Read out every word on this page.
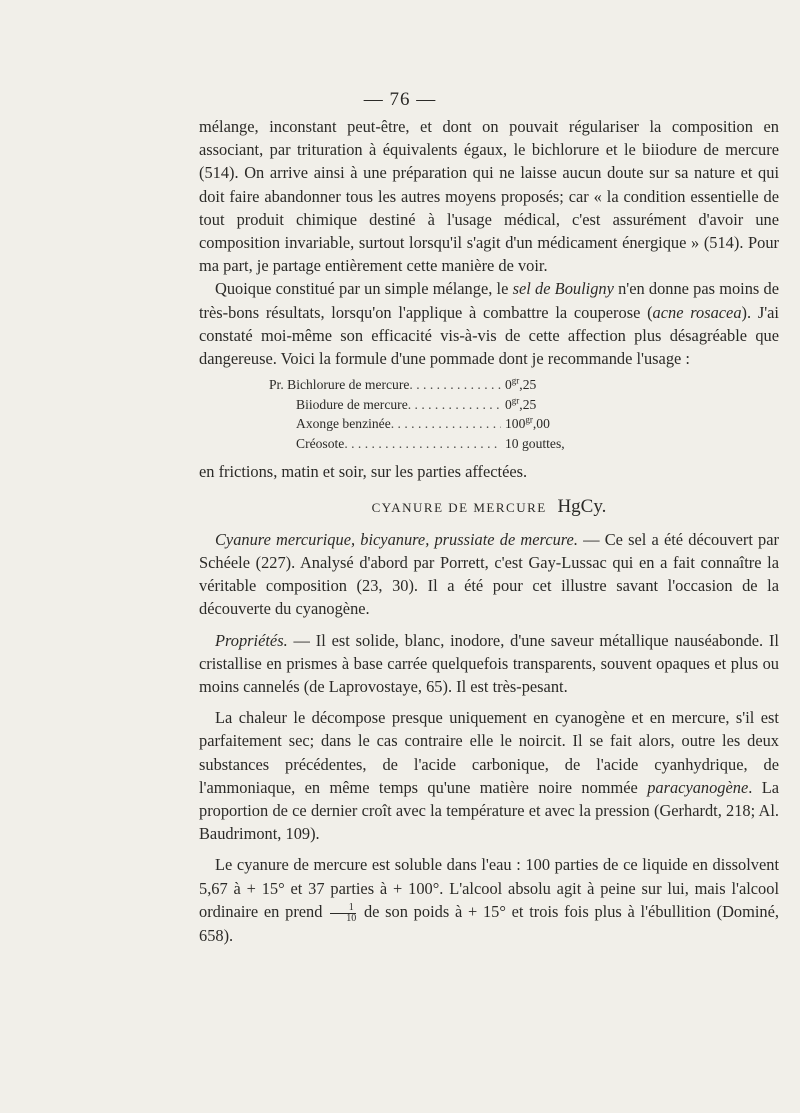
— 76 —

mélange, inconstant peut-être, et dont on pouvait régulariser la composition en associant, par trituration à équivalents égaux, le bichlorure et le biiodure de mercure (514). On arrive ainsi à une préparation qui ne laisse aucun doute sur sa nature et qui doit faire abandonner tous les autres moyens proposés; car « la condition essentielle de tout produit chimique destiné à l'usage médical, c'est assurément d'avoir une composition invariable, surtout lorsqu'il s'agit d'un médicament énergique » (514). Pour ma part, je partage entièrement cette manière de voir.

Quoique constitué par un simple mélange, le sel de Bouligny n'en donne pas moins de très-bons résultats, lorsqu'on l'applique à combattre la couperose (acne rosacea). J'ai constaté moi-même son efficacité vis-à-vis de cette affection plus désagréable que dangereuse. Voici la formule d'une pommade dont je recommande l'usage :

Pr. Bichlorure de mercure . . .	$0^{gr},25$
Biiodure de mercure . . .	$0^{gr},25$
Axonge benzinée . . .	$100^{gr},00$
Créosote . . .	10 gouttes,

en frictions, matin et soir, sur les parties affectées.

CYANURE DE MERCURE HgCy.

Cyanure mercurique, bicyanure, prussiate de mercure. — Ce sel a été découvert par Schéele (227). Analysé d'abord par Porrett, c'est Gay-Lussac qui en a fait connaître la véritable composition (23, 30). Il a été pour cet illustre savant l'occasion de la découverte du cyanogène.

Propriétés. — Il est solide, blanc, inodore, d'une saveur métallique nauséabonde. Il cristallise en prismes à base carrée quelquefois transparents, souvent opaques et plus ou moins cannelés (de Laprovostaye, 65). Il est très-pesant.

La chaleur le décompose presque uniquement en cyanogène et en mercure, s'il est parfaitement sec; dans le cas contraire elle le noircit. Il se fait alors, outre les deux substances précédentes, de l'acide carbonique, de l'acide cyanhydrique, de l'ammoniaque, en même temps qu'une matière noire nommée paracyanogène. La proportion de ce dernier croît avec la température et avec la pression (Gerhardt, 218; Al. Baudrimont, 109).

Le cyanure de mercure est soluble dans l'eau : 100 parties de ce liquide en dissolvent 5,67 à + 15° et 37 parties à + 100°. L'alcool absolu agit à peine sur lui, mais l'alcool ordinaire en prend $\frac{1}{10}$ de son poids à + 15° et trois fois plus à l'ébullition (Dominé, 658).
